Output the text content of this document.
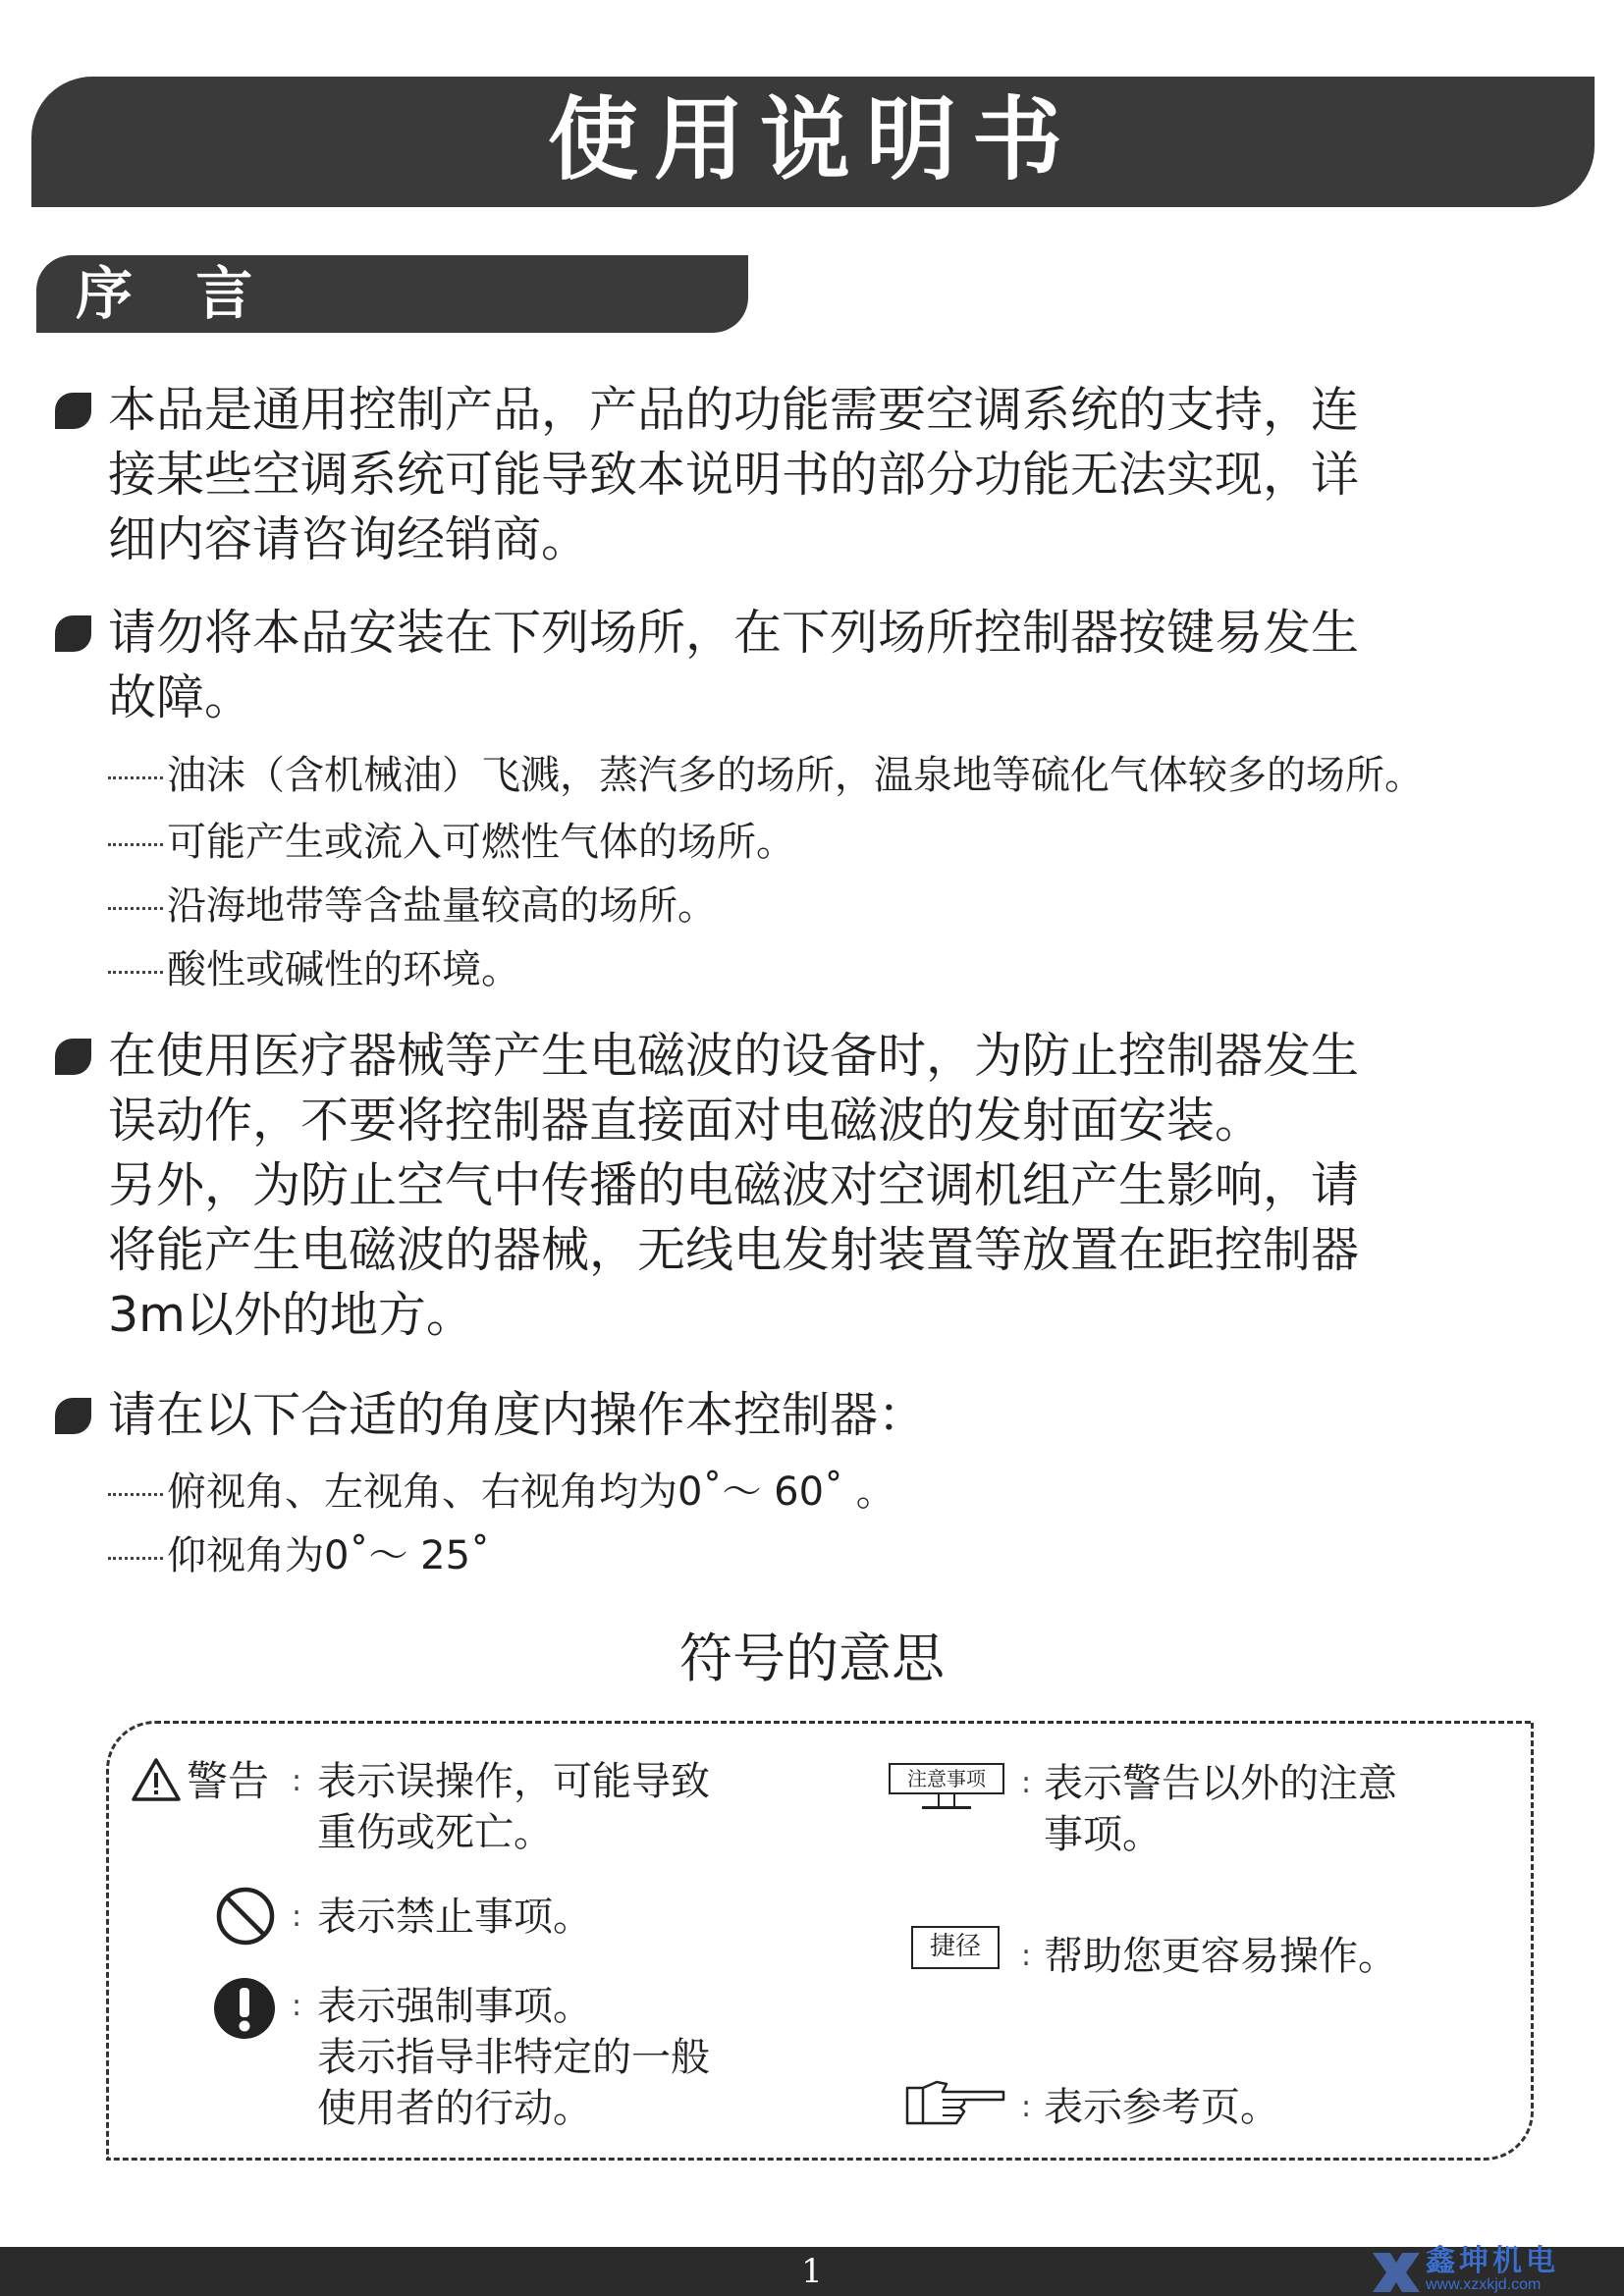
使用说明书
序 言

本品是通用控制产品，产品的功能需要空调系统的支持，连
接某些空调系统可能导致本说明书的部分功能无法实现，详
细内容请咨询经销商。

请勿将本品安装在下列场所，在下列场所控制器按键易发生
故障。

油沫（含机械油）飞溅，蒸汽多的场所，温泉地等硫化气体较多的场所。
可能产生或流入可燃性气体的场所。
沿海地带等含盐量较高的场所。
酸性或碱性的环境。

在使用医疗器械等产生电磁波的设备时，为防止控制器发生
误动作，不要将控制器直接面对电磁波的发射面安装。
另外，为防止空气中传播的电磁波对空调机组产生影响，请
将能产生电磁波的器械，无线电发射装置等放置在距控制器
3m以外的地方。

请在以下合适的角度内操作本控制器：

俯视角、左视角、右视角均为0˚～ 60˚ 。
仰视角为0˚～ 25˚
符号的意思
警告 : 表示误操作，可能导致
重伤或死亡。
: 表示禁止事项。
: 表示强制事项。
表示指导非特定的一般
使用者的行动。
注意事项	: 表示警告以外的注意
事项。
捷径	: 帮助您更容易操作。
: 表示参考页。
1	鑫坤机电
www.xzxkjd.com
